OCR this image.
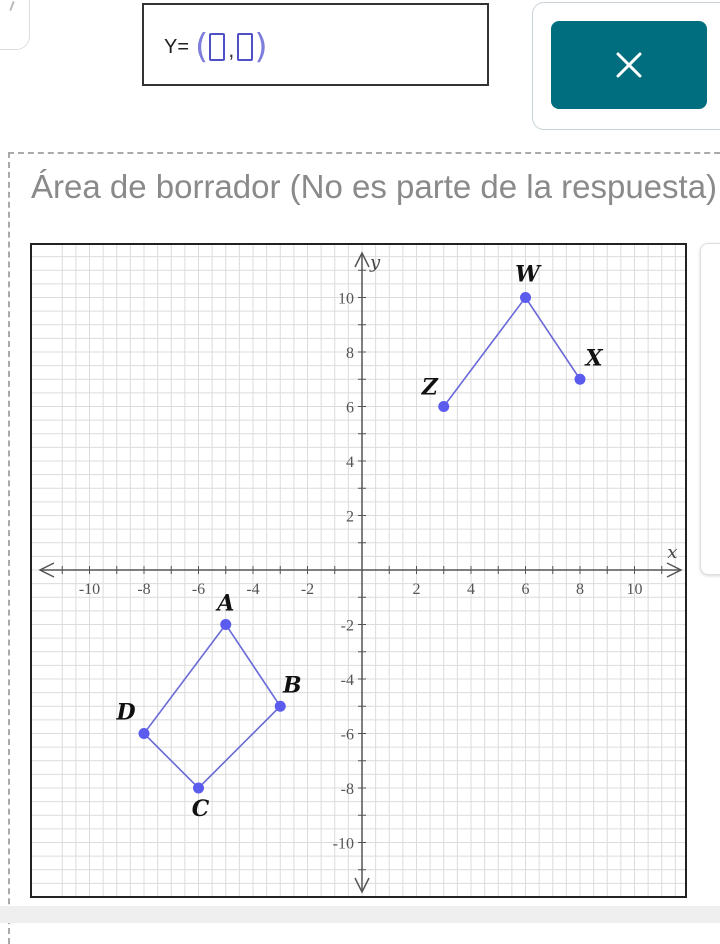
Y= ( , )
Área de borrador (No es parte de la respuesta)
x
y
-10 -8	-6	-4	-2	2	4	6	8	10
10
8
6
4
2
-2
-4
-6
-8
-10
Z
W
X
A
B
C
D
